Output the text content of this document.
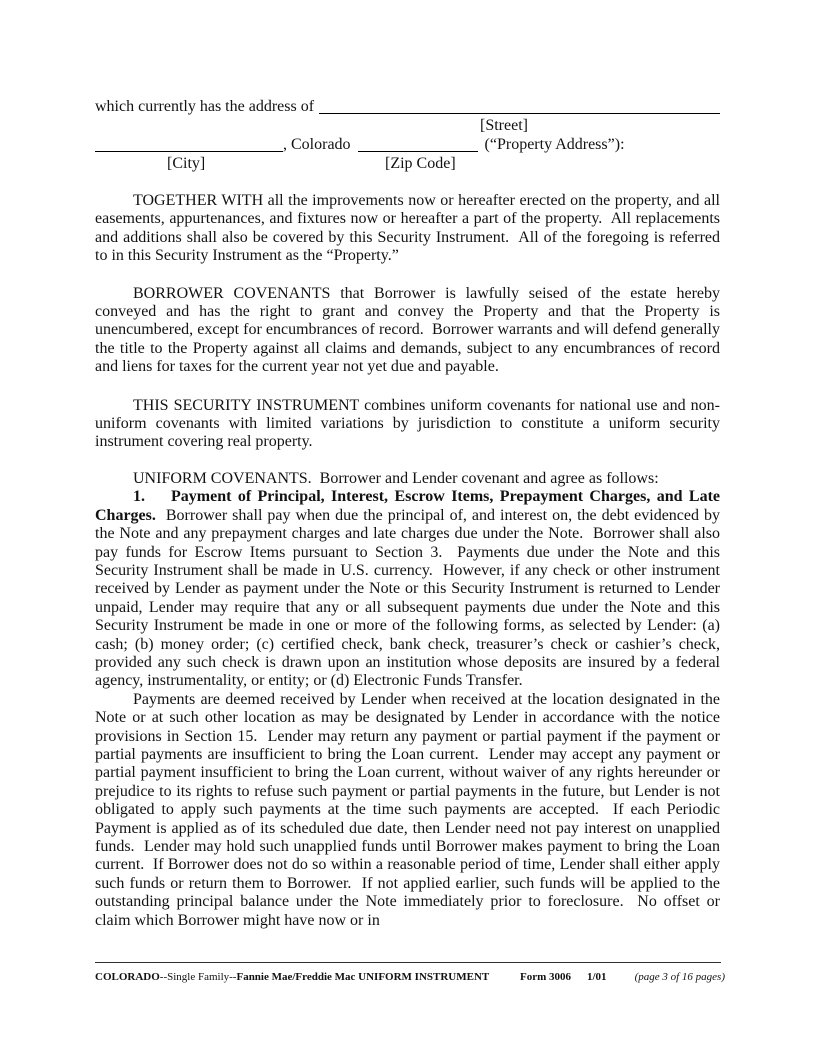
which currently has the address of
[Street]
, Colorado	(“Property Address”):
[City]	[Zip Code]

TOGETHER WITH all the improvements now or hereafter erected on the property, and all easements, appurtenances, and fixtures now or hereafter a part of the property.  All replacements and additions shall also be covered by this Security Instrument.  All of the foregoing is referred to in this Security Instrument as the “Property.”

BORROWER COVENANTS that Borrower is lawfully seised of the estate hereby conveyed and has the right to grant and convey the Property and that the Property is unencumbered, except for encumbrances of record.  Borrower warrants and will defend generally the title to the Property against all claims and demands, subject to any encumbrances of record and liens for taxes for the current year not yet due and payable.

THIS SECURITY INSTRUMENT combines uniform covenants for national use and non-uniform covenants with limited variations by jurisdiction to constitute a uniform security instrument covering real property.

UNIFORM COVENANTS.  Borrower and Lender covenant and agree as follows:

1. Payment of Principal, Interest, Escrow Items, Prepayment Charges, and Late Charges.  Borrower shall pay when due the principal of, and interest on, the debt evidenced by the Note and any prepayment charges and late charges due under the Note.  Borrower shall also pay funds for Escrow Items pursuant to Section 3.  Payments due under the Note and this Security Instrument shall be made in U.S. currency.  However, if any check or other instrument received by Lender as payment under the Note or this Security Instrument is returned to Lender unpaid, Lender may require that any or all subsequent payments due under the Note and this Security Instrument be made in one or more of the following forms, as selected by Lender: (a) cash; (b) money order; (c) certified check, bank check, treasurer’s check or cashier’s check, provided any such check is drawn upon an institution whose deposits are insured by a federal agency, instrumentality, or entity; or (d) Electronic Funds Transfer.

Payments are deemed received by Lender when received at the location designated in the Note or at such other location as may be designated by Lender in accordance with the notice provisions in Section 15.  Lender may return any payment or partial payment if the payment or partial payments are insufficient to bring the Loan current.  Lender may accept any payment or partial payment insufficient to bring the Loan current, without waiver of any rights hereunder or prejudice to its rights to refuse such payment or partial payments in the future, but Lender is not obligated to apply such payments at the time such payments are accepted.  If each Periodic Payment is applied as of its scheduled due date, then Lender need not pay interest on unapplied funds.  Lender may hold such unapplied funds until Borrower makes payment to bring the Loan current.  If Borrower does not do so within a reasonable period of time, Lender shall either apply such funds or return them to Borrower.  If not applied earlier, such funds will be applied to the outstanding principal balance under the Note immediately prior to foreclosure.  No offset or claim which Borrower might have now or in

COLORADO--Single Family--Fannie Mae/Freddie Mac UNIFORM INSTRUMENT	Form 3006 1/01	(page 3 of 16 pages)
